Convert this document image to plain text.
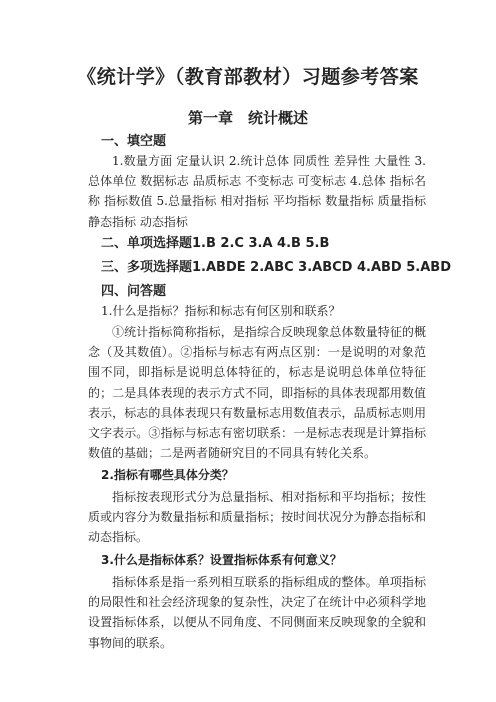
《统计学》（教育部教材）习题参考答案
第一章　统计概述
一、填空题
1.数量方面 定量认识 2.统计总体 同质性 差异性 大量性 3.总体单位 数据标志 品质标志 不变标志 可变标志 4.总体 指标名称 指标数值 5.总量指标 相对指标 平均指标 数量指标 质量指标 静态指标 动态指标
二、单项选择题1.B 2.C 3.A 4.B 5.B
三、多项选择题1.ABDE 2.ABC 3.ABCD 4.ABD 5.ABD
四、问答题
1.什么是指标？指标和标志有何区别和联系？
①统计指标简称指标，是指综合反映现象总体数量特征的概念（及其数值）。②指标与标志有两点区别：一是说明的对象范围不同，即指标是说明总体特征的，标志是说明总体单位特征的；二是具体表现的表示方式不同，即指标的具体表现都用数值表示，标志的具体表现只有数量标志用数值表示，品质标志则用文字表示。③指标与标志有密切联系：一是标志表现是计算指标数值的基础；二是两者随研究目的不同具有转化关系。
2.指标有哪些具体分类？
指标按表现形式分为总量指标、相对指标和平均指标；按性质或内容分为数量指标和质量指标；按时间状况分为静态指标和动态指标。
3.什么是指标体系？设置指标体系有何意义？
指标体系是指一系列相互联系的指标组成的整体。单项指标的局限性和社会经济现象的复杂性，决定了在统计中必须科学地设置指标体系，以便从不同角度、不同侧面来反映现象的全貌和事物间的联系。
